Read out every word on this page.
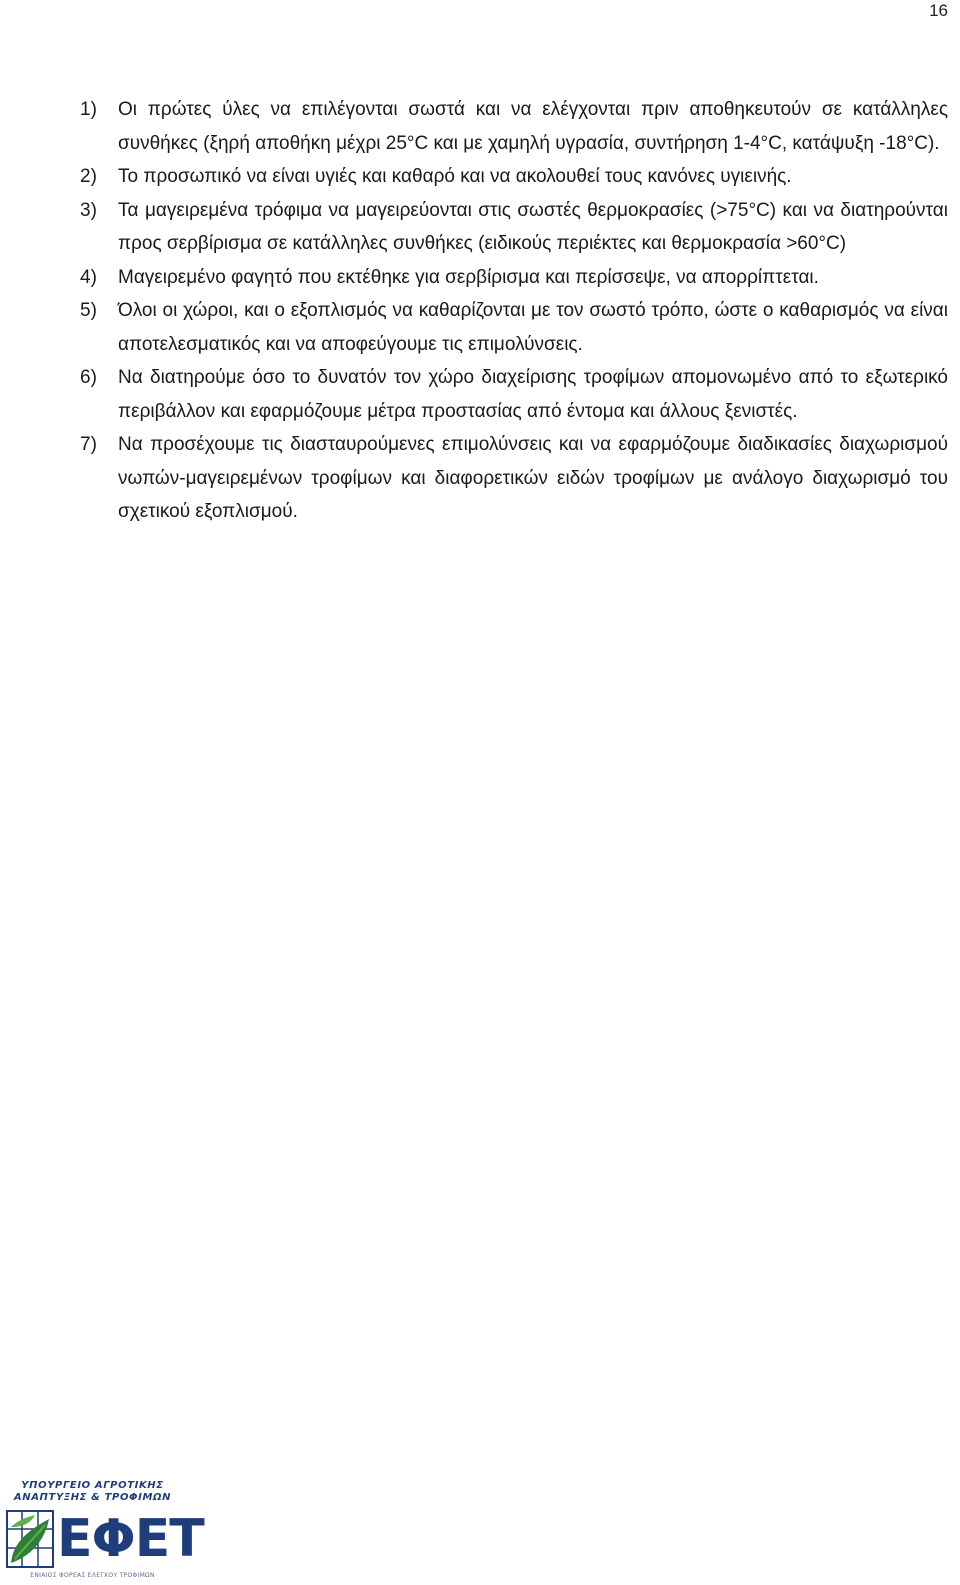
16
1)	Οι πρώτες ύλες να επιλέγονται σωστά και να ελέγχονται πριν αποθηκευτούν σε κατάλληλες συνθήκες (ξηρή αποθήκη μέχρι 25°C και με χαμηλή υγρασία, συντήρηση 1-4°C, κατάψυξη -18°C).
2)	Το προσωπικό να είναι υγιές και καθαρό και να ακολουθεί τους κανόνες υγιεινής.
3)	Τα μαγειρεμένα τρόφιμα να μαγειρεύονται στις σωστές θερμοκρασίες (>75°C) και να διατηρούνται προς σερβίρισμα σε κατάλληλες συνθήκες (ειδικούς περιέκτες και θερμοκρασία >60°C)
4)	Μαγειρεμένο φαγητό που εκτέθηκε για σερβίρισμα και περίσσεψε, να απορρίπτεται.
5)	Όλοι οι χώροι, και ο εξοπλισμός να καθαρίζονται με τον σωστό τρόπο, ώστε ο καθαρισμός να είναι αποτελεσματικός και να αποφεύγουμε τις επιμολύνσεις.
6)	Να διατηρούμε όσο το δυνατόν τον χώρο διαχείρισης τροφίμων απομονωμένο από το εξωτερικό περιβάλλον και εφαρμόζουμε μέτρα προστασίας από έντομα και άλλους ξενιστές.
7)	Να προσέχουμε τις διασταυρούμενες επιμολύνσεις και να εφαρμόζουμε διαδικασίες διαχωρισμού νωπών-μαγειρεμένων τροφίμων και διαφορετικών ειδών τροφίμων με ανάλογο διαχωρισμό του σχετικού εξοπλισμού.
ΥΠΟΥΡΓΕΙΟ ΑΓΡΟΤΙΚΗΣ
ΑΝΑΠΤΥΞΗΣ & ΤΡΟΦΙΜΩΝ
ΕΦΕΤ
ΕΝΙΑΙΟΣ ΦΟΡΕΑΣ ΕΛΕΓΧΟΥ ΤΡΟΦΙΜΩΝ
